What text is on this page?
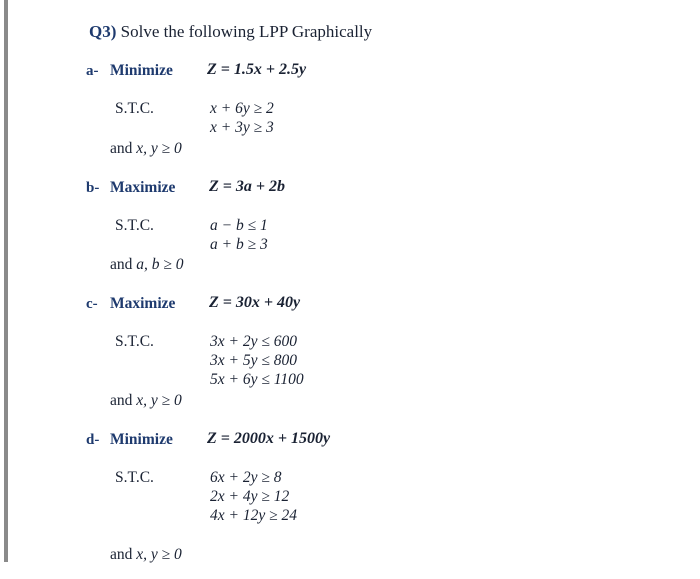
Q3) Solve the following LPP Graphically
a- Minimize Z = 1.5x + 2.5y
S.T.C.	x + 6y ≥ 2
x + 3y ≥ 3
and x, y ≥ 0
b- Maximize Z = 3a + 2b
S.T.C.	a − b ≤ 1
a + b ≥ 3
and a, b ≥ 0
c- Maximize Z = 30x + 40y
S.T.C.	3x + 2y ≤ 600
3x + 5y ≤ 800
5x + 6y ≤ 1100
and x, y ≥ 0
d- Minimize Z = 2000x + 1500y
S.T.C.	6x + 2y ≥ 8
2x + 4y ≥ 12
4x + 12y ≥ 24
and x, y ≥ 0
